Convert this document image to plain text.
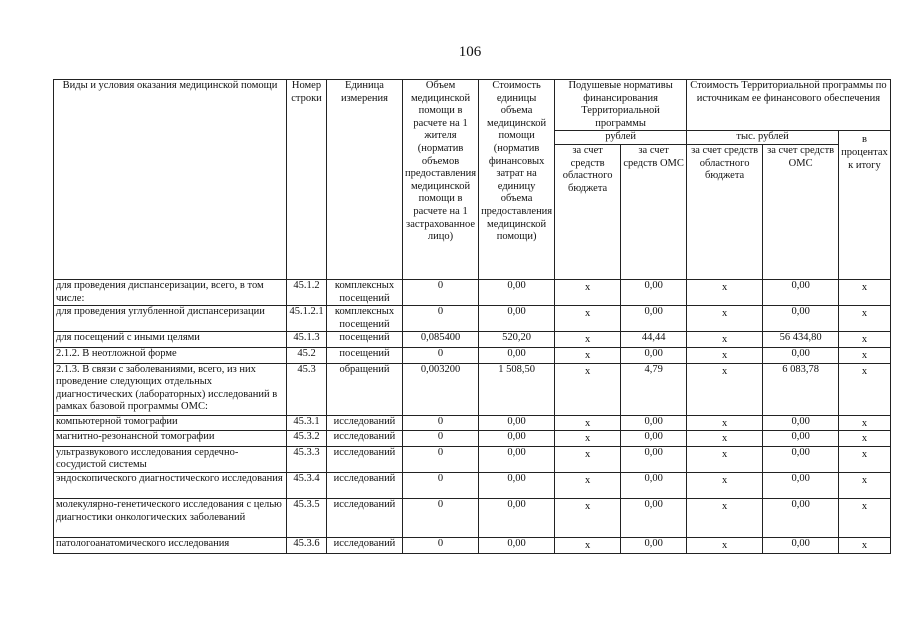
106
Виды и условия оказания медицинской помощи	Номер строки	Единица измерения	Объем медицинской помощи в расчете на 1 жителя (норматив объемов предоставления медицинской помощи в расчете на 1 застрахованное лицо)	Стоимость единицы объема медицинской помощи (норматив финансовых затрат на единицу объема предоставления медицинской помощи)	Подушевые нормативы финансирования Территориальной программы		Стоимость Территориальной программы по источникам ее финансового обеспечения		
					рублей		тыс. рублей		в процентах к итогу
					за счет средств областного бюджета	за счет средств ОМС	за счет средств областного бюджета	за счет средств ОМС	
для проведения диспансеризации, всего, в том числе:	45.1.2	комплексных посещений	0	0,00	х	0,00	х	0,00	х
для проведения углубленной диспансеризации	45.1.2.1	комплексных посещений	0	0,00	х	0,00	х	0,00	х
для посещений с иными целями	45.1.3	посещений	0,085400	520,20	х	44,44	х	56 434,80	х
2.1.2. В неотложной форме	45.2	посещений	0	0,00	х	0,00	х	0,00	х
2.1.3. В связи с заболеваниями, всего, из них проведение следующих отдельных диагностических (лабораторных) исследований в рамках базовой программы ОМС:	45.3	обращений	0,003200	1 508,50	х	4,79	х	6 083,78	х
компьютерной томографии	45.3.1	исследований	0	0,00	х	0,00	х	0,00	х
магнитно-резонансной томографии	45.3.2	исследований	0	0,00	х	0,00	х	0,00	х
ультразвукового исследования сердечно-сосудистой системы	45.3.3	исследований	0	0,00	х	0,00	х	0,00	х
эндоскопического диагностического исследования	45.3.4	исследований	0	0,00	х	0,00	х	0,00	х
молекулярно-генетического исследования с целью диагностики онкологических заболеваний	45.3.5	исследований	0	0,00	х	0,00	х	0,00	х
патологоанатомического исследования	45.3.6	исследований	0	0,00	х	0,00	х	0,00	х
